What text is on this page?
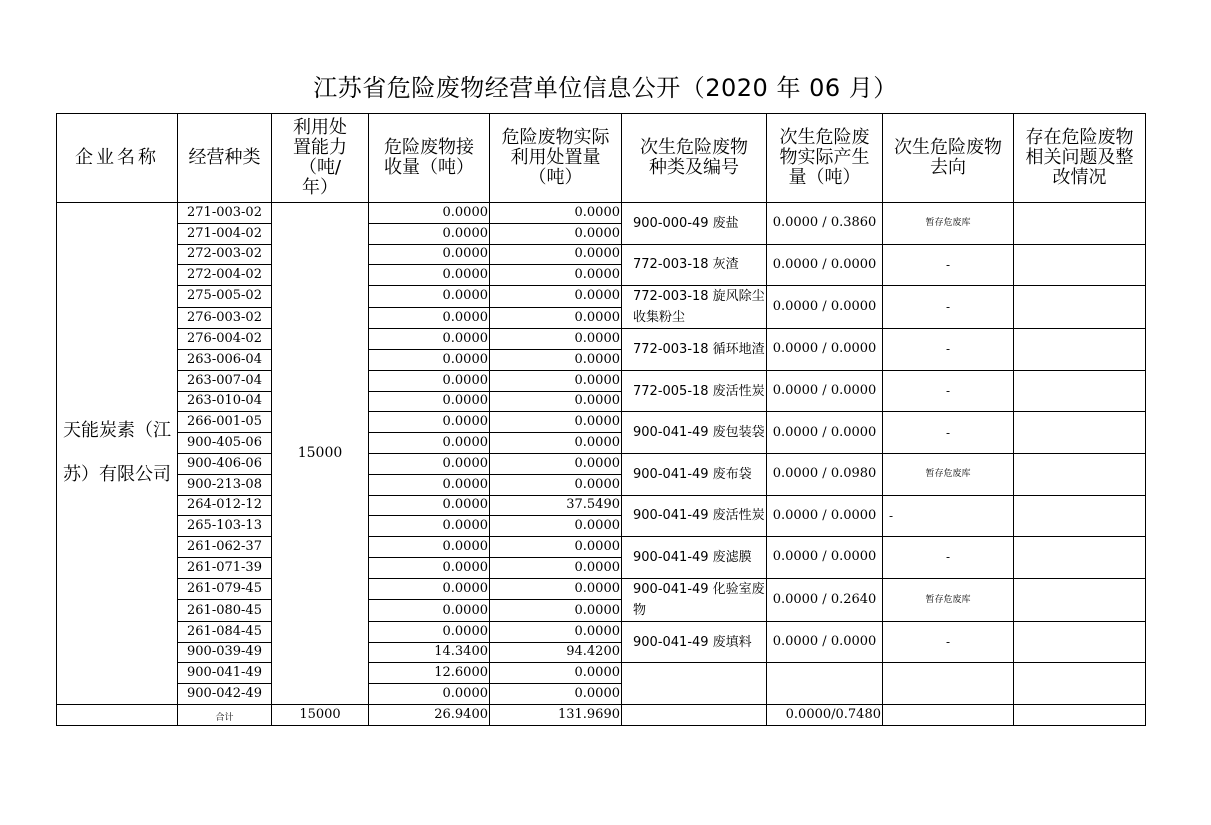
江苏省危险废物经营单位信息公开（2020 年 06 月）
企业名称	经营种类	利用处置能力（吨/年）	危险废物接收量（吨）	危险废物实际利用处置量（吨）	次生危险废物种类及编号	次生危险废物实际产生量（吨）	次生危险废物去向	存在危险废物相关问题及整改情况
天能炭素（江苏）有限公司	271-003-02	15000	0.0000	0.0000	900-000-49 废盐	0.0000 / 0.3860	暂存危废库	
	271-004-02		0.0000	0.0000				
	272-003-02		0.0000	0.0000	772-003-18 灰渣	0.0000 / 0.0000	-	
	272-004-02		0.0000	0.0000				
	275-005-02		0.0000	0.0000	772-003-18 旋风除尘收集粉尘	0.0000 / 0.0000	-	
	276-003-02		0.0000	0.0000				
	276-004-02		0.0000	0.0000	772-003-18 循环地渣	0.0000 / 0.0000	-	
	263-006-04		0.0000	0.0000				
	263-007-04		0.0000	0.0000	772-005-18 废活性炭	0.0000 / 0.0000	-	
	263-010-04		0.0000	0.0000				
	266-001-05		0.0000	0.0000	900-041-49 废包装袋	0.0000 / 0.0000	-	
	900-405-06		0.0000	0.0000				
	900-406-06		0.0000	0.0000	900-041-49 废布袋	0.0000 / 0.0980	暂存危废库	
	900-213-08		0.0000	0.0000				
	264-012-12		0.0000	37.5490	900-041-49 废活性炭	0.0000 / 0.0000	-	
	265-103-13		0.0000	0.0000				
	261-062-37		0.0000	0.0000	900-041-49 废滤膜	0.0000 / 0.0000	-	
	261-071-39		0.0000	0.0000				
	261-079-45		0.0000	0.0000	900-041-49 化验室废物	0.0000 / 0.2640	暂存危废库	
	261-080-45		0.0000	0.0000				
	261-084-45		0.0000	0.0000	900-041-49 废填料	0.0000 / 0.0000	-	
	900-039-49		14.3400	94.4200				
	900-041-49		12.6000	0.0000				
	900-042-49		0.0000	0.0000				
	合计	15000	26.9400	131.9690		0.0000/0.7480		
